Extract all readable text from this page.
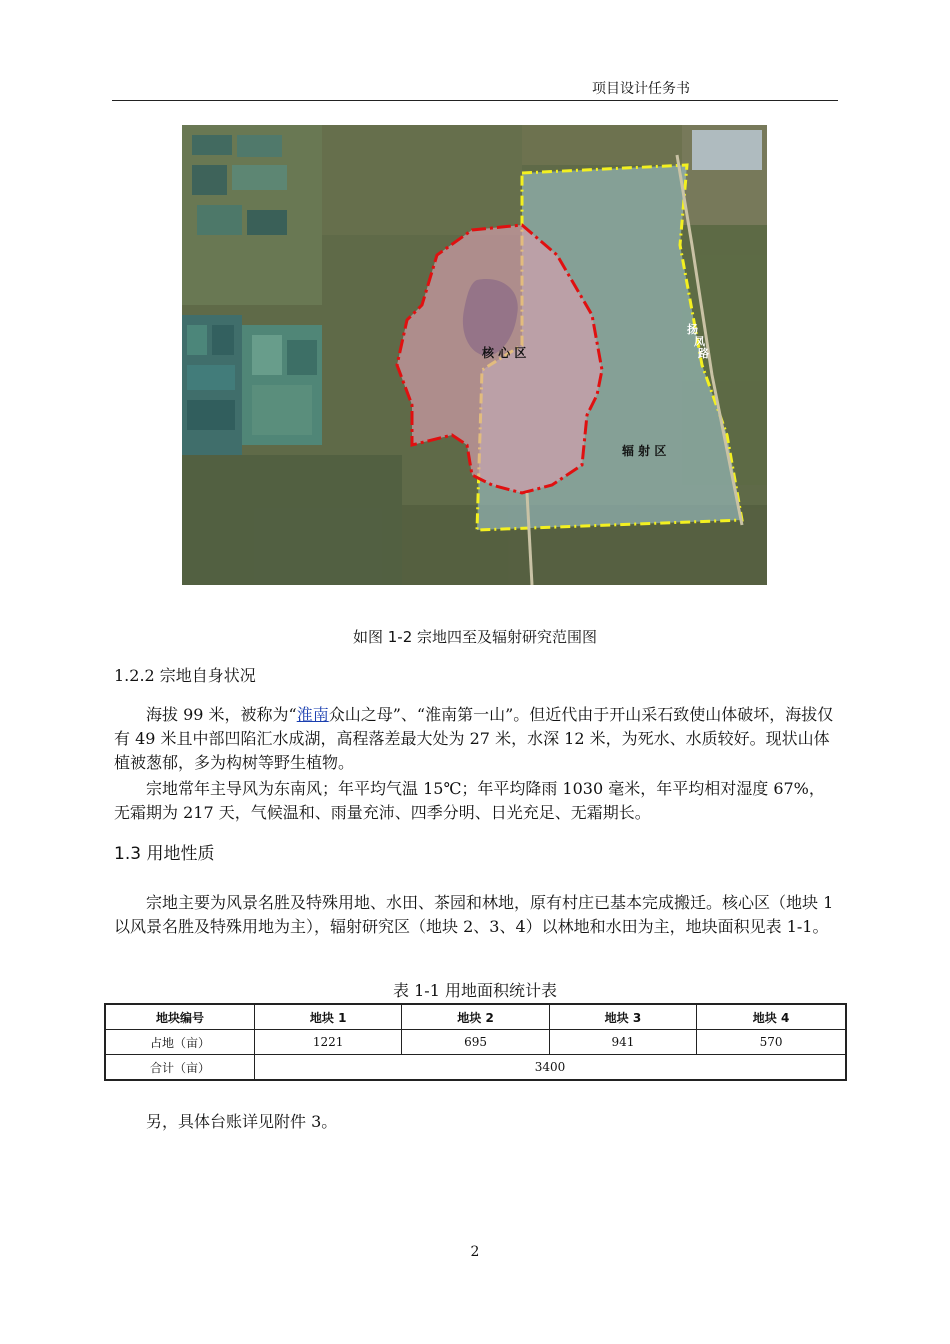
项目设计任务书
核 心 区
辐 射 区
扬
凤
路
如图 1-2 宗地四至及辐射研究范围图
1.2.2 宗地自身状况

海拔 99 米，被称为“淮南众山之母”、“淮南第一山”。但近代由于开山采石致使山体破坏，海拔仅有 49 米且中部凹陷汇水成湖，高程落差最大处为 27 米，水深 12 米，为死水、水质较好。现状山体植被葱郁，多为构树等野生植物。

宗地常年主导风为东南风；年平均气温 15℃；年平均降雨 1030 毫米，年平均相对湿度 67%，无霜期为 217 天，气候温和、雨量充沛、四季分明、日光充足、无霜期长。

1.3 用地性质

宗地主要为风景名胜及特殊用地、水田、茶园和林地，原有村庄已基本完成搬迁。核心区（地块 1 以风景名胜及特殊用地为主），辐射研究区（地块 2、3、4）以林地和水田为主，地块面积见表 1-1。

表 1-1 用地面积统计表
地块编号	地块 1	地块 2	地块 3	地块 4
占地（亩）	1221	695	941	570
合计（亩）	3400			

另，具体台账详见附件 3。

2
